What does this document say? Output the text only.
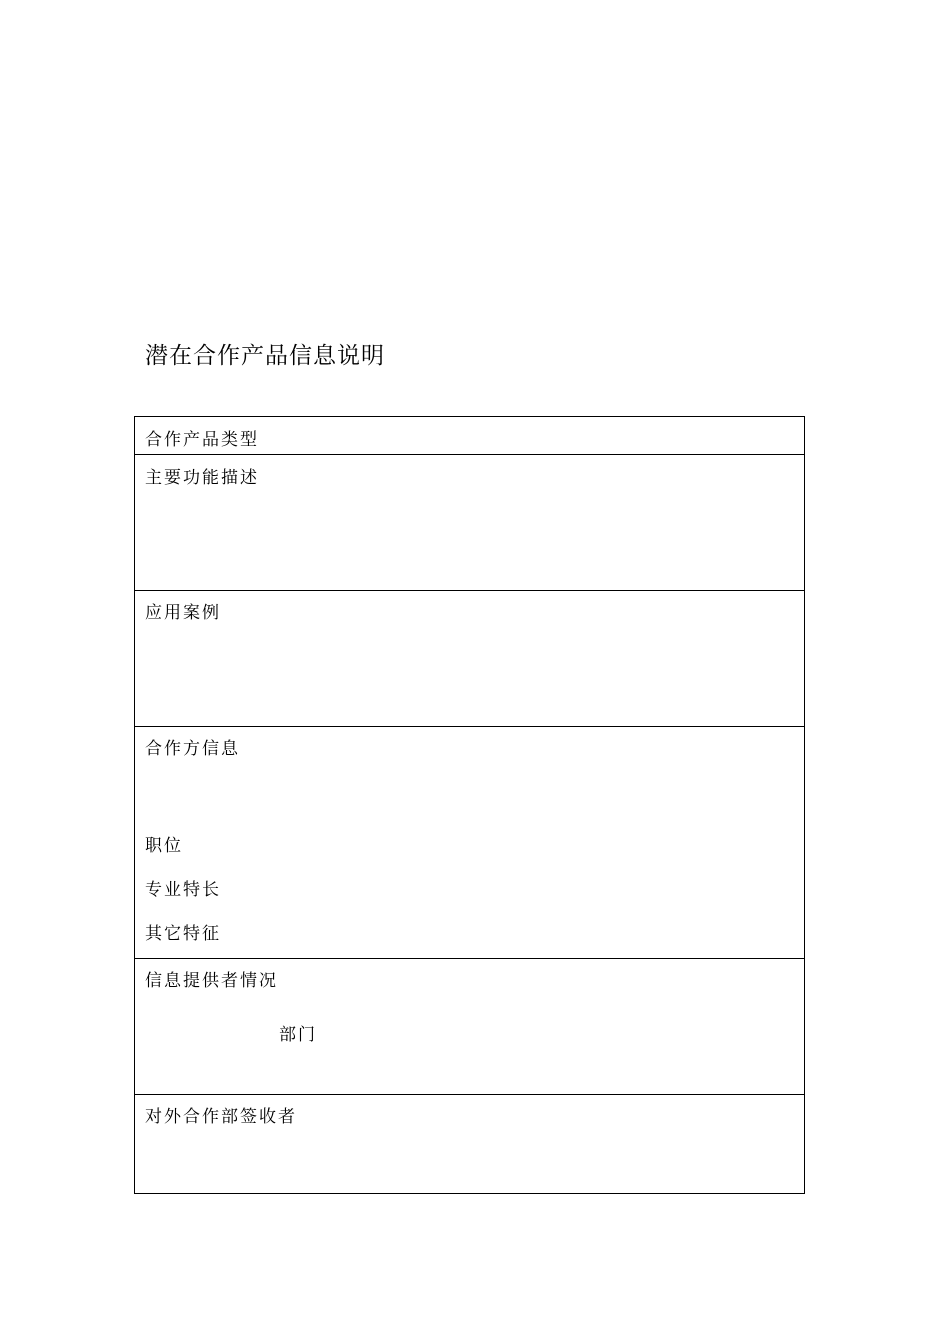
潜在合作产品信息说明
合作产品类型
主要功能描述
应用案例
合作方信息
职位
专业特长
其它特征
信息提供者情况
部门
对外合作部签收者
